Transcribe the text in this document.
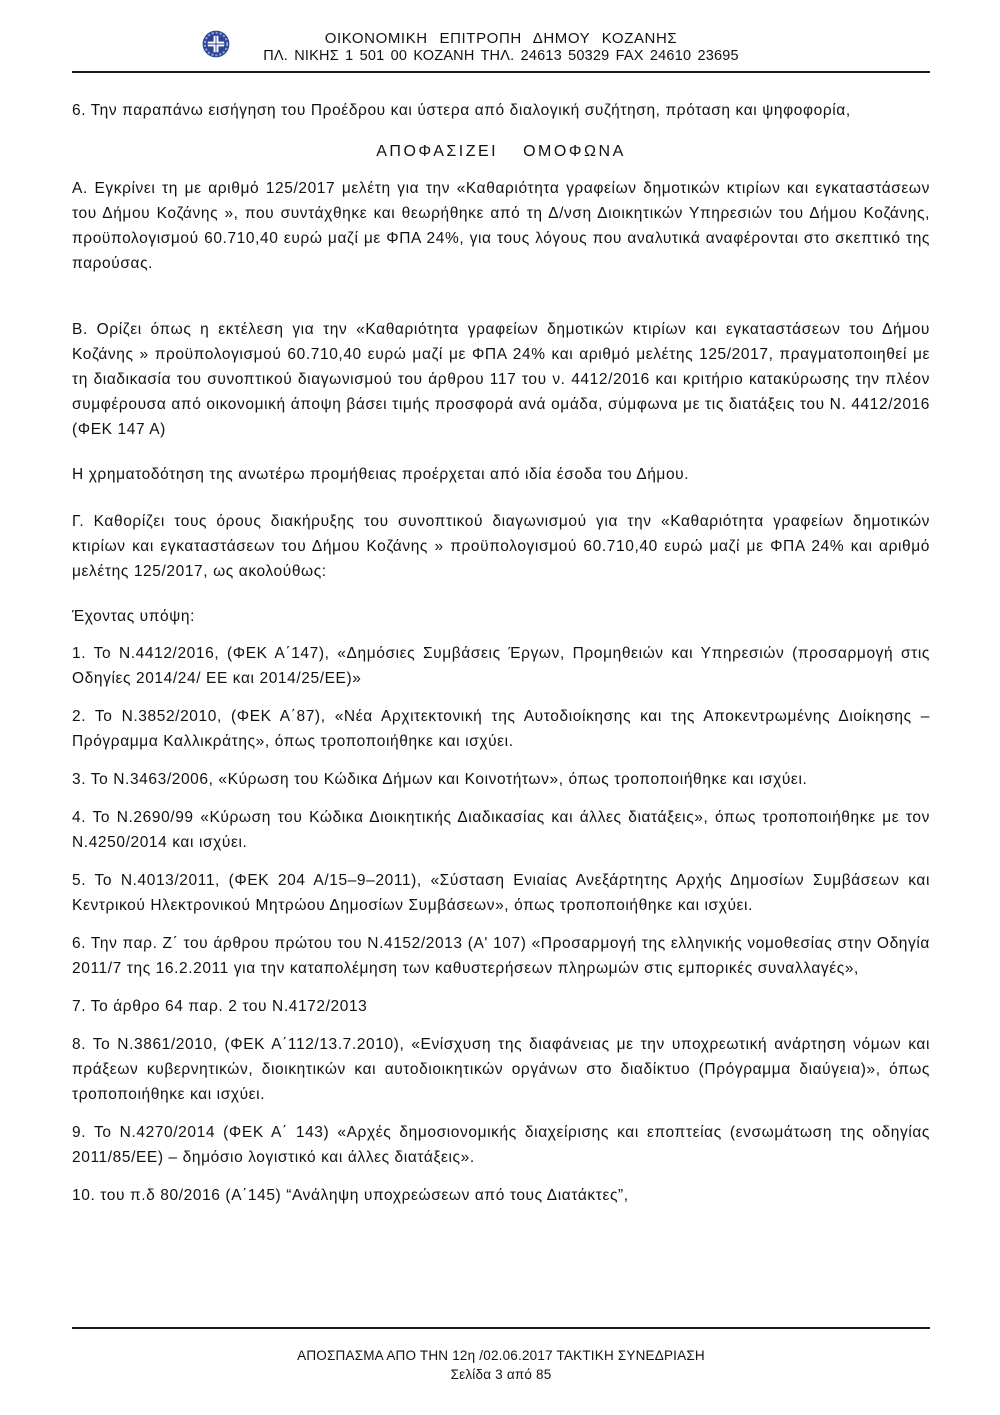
ΟΙΚΟΝΟΜΙΚΗ ΕΠΙΤΡΟΠΗ ΔΗΜΟΥ ΚΟΖΑΝΗΣ
ΠΛ. ΝΙΚΗΣ 1 501 00 ΚΟΖΑΝΗ ΤΗΛ. 24613 50329 FAX 24610 23695

6. Την παραπάνω εισήγηση του Προέδρου και ύστερα από διαλογική συζήτηση, πρόταση και ψηφοφορία,

ΑΠΟΦΑΣΙΖΕΙ ΟΜΟΦΩΝΑ

Α. Εγκρίνει τη με αριθμό 125/2017 μελέτη για την «Καθαριότητα γραφείων δημοτικών κτιρίων και εγκαταστάσεων του Δήμου Κοζάνης », που συντάχθηκε και θεωρήθηκε από τη Δ/νση Διοικητικών Υπηρεσιών του Δήμου Κοζάνης, προϋπολογισμού 60.710,40 ευρώ μαζί με ΦΠΑ 24%, για τους λόγους που αναλυτικά αναφέρονται στο σκεπτικό της παρούσας.

Β. Ορίζει όπως η εκτέλεση για την «Καθαριότητα γραφείων δημοτικών κτιρίων και εγκαταστάσεων του Δήμου Κοζάνης » προϋπολογισμού 60.710,40 ευρώ μαζί με ΦΠΑ 24% και αριθμό μελέτης 125/2017, πραγματοποιηθεί με τη διαδικασία του συνοπτικού διαγωνισμού του άρθρου 117 του ν. 4412/2016 και κριτήριο κατακύρωσης την πλέον συμφέρουσα από οικονομική άποψη βάσει τιμής προσφορά ανά ομάδα, σύμφωνα με τις διατάξεις του Ν. 4412/2016 (ΦΕΚ 147 Α)

Η χρηματοδότηση της ανωτέρω προμήθειας προέρχεται από ιδία έσοδα του Δήμου.

Γ. Καθορίζει τους όρους διακήρυξης του συνοπτικού διαγωνισμού για την «Καθαριότητα γραφείων δημοτικών κτιρίων και εγκαταστάσεων του Δήμου Κοζάνης » προϋπολογισμού 60.710,40 ευρώ μαζί με ΦΠΑ 24% και αριθμό μελέτης 125/2017, ως ακολούθως:

Έχοντας υπόψη:

1. Το Ν.4412/2016, (ΦΕΚ Α΄147), «Δημόσιες Συμβάσεις Έργων, Προμηθειών και Υπηρεσιών (προσαρμογή στις Οδηγίες 2014/24/ ΕΕ και 2014/25/ΕΕ)»

2. Το Ν.3852/2010, (ΦΕΚ Α΄87), «Νέα Αρχιτεκτονική της Αυτοδιοίκησης και της Αποκεντρωμένης Διοίκησης – Πρόγραμμα Καλλικράτης», όπως τροποποιήθηκε και ισχύει.

3. Το Ν.3463/2006, «Κύρωση του Κώδικα Δήμων και Κοινοτήτων», όπως τροποποιήθηκε και ισχύει.

4. Το Ν.2690/99 «Κύρωση του Κώδικα Διοικητικής Διαδικασίας και άλλες διατάξεις», όπως τροποποιήθηκε με τον Ν.4250/2014 και ισχύει.

5. Το Ν.4013/2011, (ΦΕΚ 204 Α/15–9–2011), «Σύσταση Ενιαίας Ανεξάρτητης Αρχής Δημοσίων Συμβάσεων και Κεντρικού Ηλεκτρονικού Μητρώου Δημοσίων Συμβάσεων», όπως τροποποιήθηκε και ισχύει.

6. Την παρ. Ζ΄ του άρθρου πρώτου του Ν.4152/2013 (Α' 107) «Προσαρμογή της ελληνικής νομοθεσίας στην Οδηγία 2011/7 της 16.2.2011 για την καταπολέμηση των καθυστερήσεων πληρωμών στις εμπορικές συναλλαγές»,

7. Το άρθρο 64 παρ. 2 του Ν.4172/2013

8. Το Ν.3861/2010, (ΦΕΚ Α΄112/13.7.2010), «Ενίσχυση της διαφάνειας με την υποχρεωτική ανάρτηση νόμων και πράξεων κυβερνητικών, διοικητικών και αυτοδιοικητικών οργάνων στο διαδίκτυο (Πρόγραμμα διαύγεια)», όπως τροποποιήθηκε και ισχύει.

9. Το Ν.4270/2014 (ΦΕΚ Α΄ 143) «Αρχές δημοσιονομικής διαχείρισης και εποπτείας (ενσωμάτωση της οδηγίας 2011/85/ΕΕ) – δημόσιο λογιστικό και άλλες διατάξεις».

10. του π.δ 80/2016 (Α΄145) “Ανάληψη υποχρεώσεων από τους Διατάκτες”,

ΑΠΟΣΠΑΣΜΑ ΑΠΟ ΤΗΝ 12η /02.06.2017 ΤΑΚΤΙΚΗ ΣΥΝΕΔΡΙΑΣΗ
Σελίδα 3 από 85
